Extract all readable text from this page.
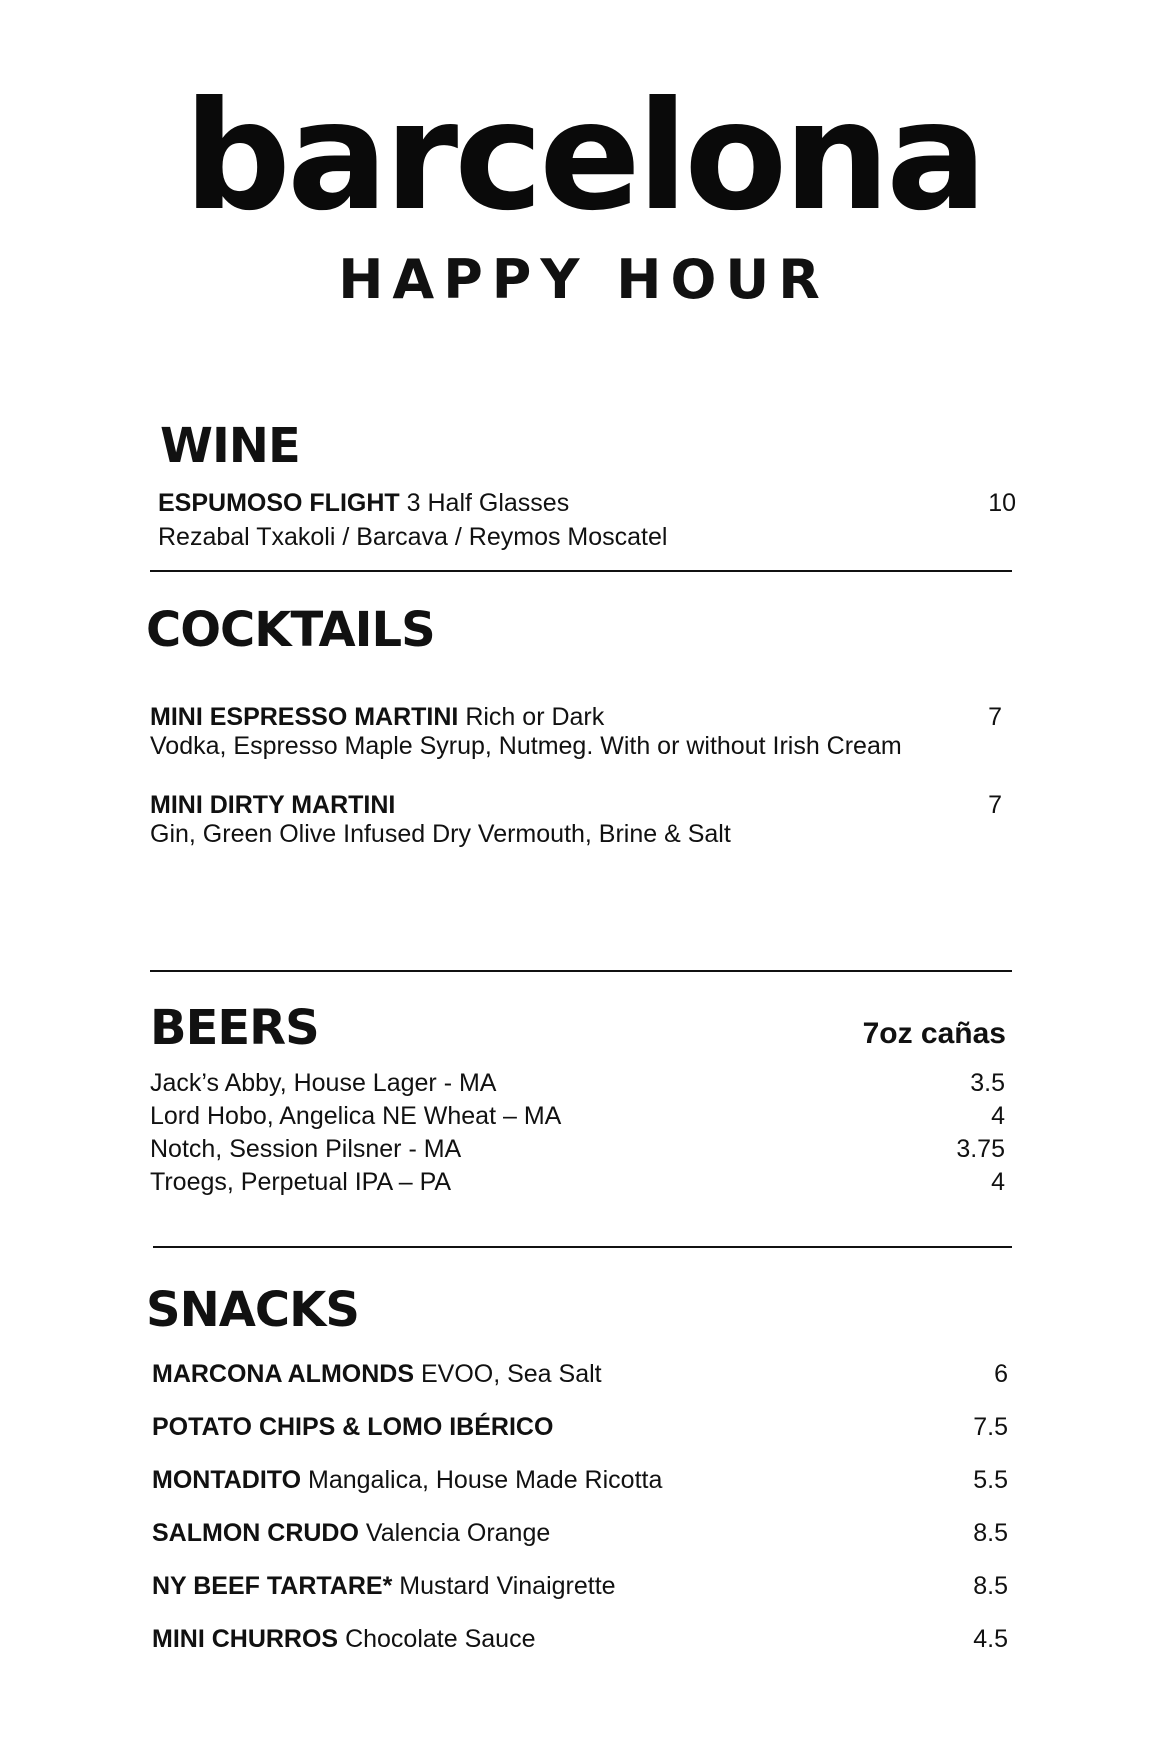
barcelona
HAPPY HOUR
WINE
ESPUMOSO FLIGHT 3 Half Glasses	10
Rezabal Txakoli / Barcava / Reymos Moscatel
COCKTAILS
MINI ESPRESSO MARTINI Rich or Dark	7
Vodka, Espresso Maple Syrup, Nutmeg. With or without Irish Cream
MINI DIRTY MARTINI	7
Gin, Green Olive Infused Dry Vermouth, Brine & Salt
BEERS	7oz cañas
Jack’s Abby, House Lager - MA	3.5
Lord Hobo, Angelica NE Wheat – MA	4
Notch, Session Pilsner - MA	3.75
Troegs, Perpetual IPA – PA	4
SNACKS
MARCONA ALMONDS EVOO, Sea Salt	6
POTATO CHIPS & LOMO IBÉRICO	7.5
MONTADITO Mangalica, House Made Ricotta	5.5
SALMON CRUDO Valencia Orange	8.5
NY BEEF TARTARE* Mustard Vinaigrette	8.5
MINI CHURROS Chocolate Sauce	4.5
